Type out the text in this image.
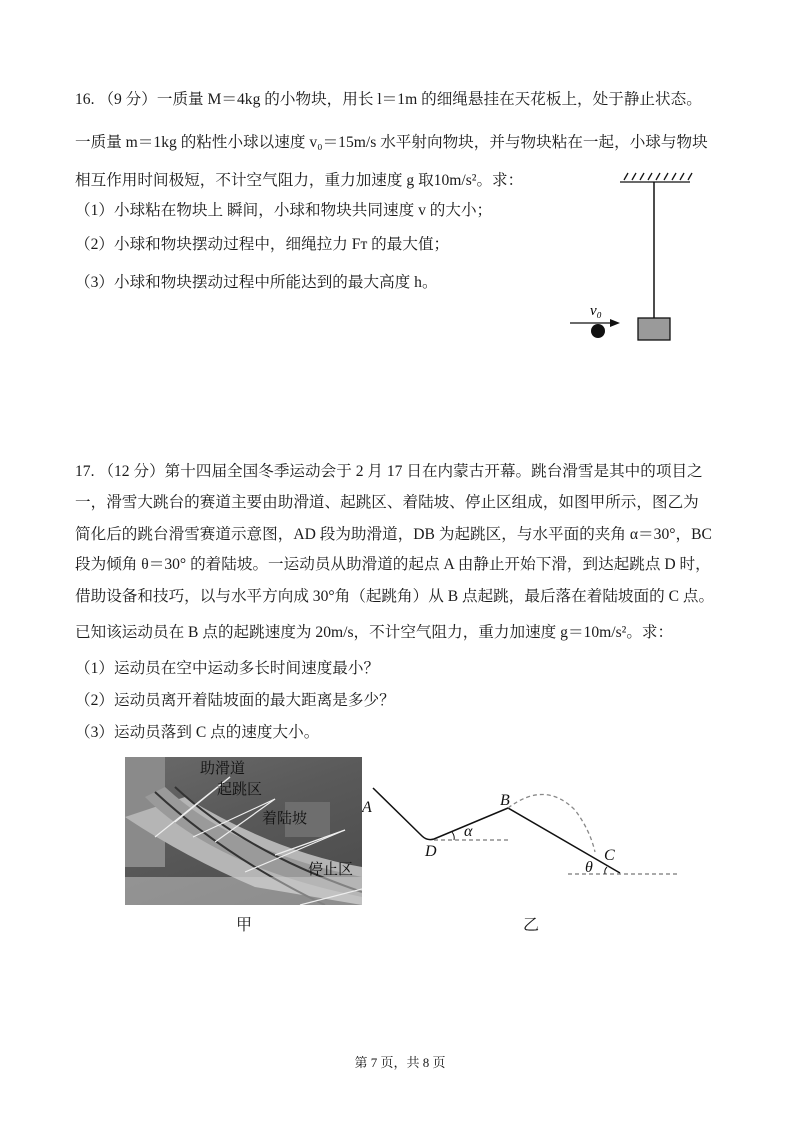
16. （9 分）一质量 M＝4kg 的小物块，用长 l＝1m 的细绳悬挂在天花板上，处于静止状态。
一质量 m＝1kg 的粘性小球以速度 v₀＝15m/s 水平射向物块，并与物块粘在一起，小球与物块
相互作用时间极短，不计空气阻力，重力加速度 g 取10m/s²。求：
（1）小球粘在物块上 瞬间，小球和物块共同速度 v 的大小；
（2）小球和物块摆动过程中，细绳拉力 Fᴛ 的最大值；
（3）小球和物块摆动过程中所能达到的最大高度 h。
v₀
A	B
D
α
C
θ
17. （12 分）第十四届全国冬季运动会于 2 月 17 日在内蒙古开幕。跳台滑雪是其中的项目之
一，滑雪大跳台的赛道主要由助滑道、起跳区、着陆坡、停止区组成，如图甲所示，图乙为
简化后的跳台滑雪赛道示意图，AD 段为助滑道，DB 为起跳区，与水平面的夹角 α＝30°，BC
段为倾角 θ＝30° 的着陆坡。一运动员从助滑道的起点 A 由静止开始下滑，到达起跳点 D 时，
借助设备和技巧，以与水平方向成 30°角（起跳角）从 B 点起跳，最后落在着陆坡面的 C 点。
已知该运动员在 B 点的起跳速度为 20m/s，不计空气阻力，重力加速度 g＝10m/s²。求：
（1）运动员在空中运动多长时间速度最小？
（2）运动员离开着陆坡面的最大距离是多少？
（3）运动员落到 C 点的速度大小。
助滑道
起跳区
着陆坡
停止区
甲	乙
第 7 页，共 8 页
